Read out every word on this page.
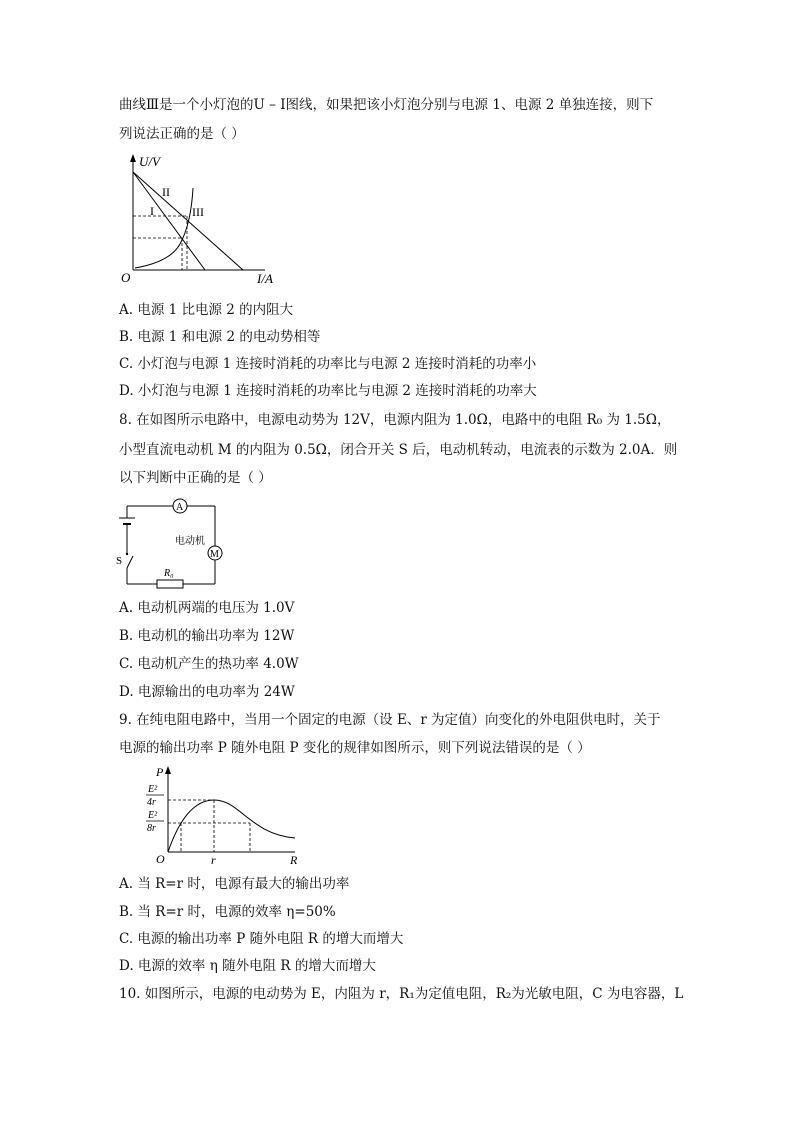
曲线Ⅲ是一个小灯泡的U – I图线，如果把该小灯泡分别与电源 1、电源 2 单独连接，则下
列说法正确的是（ ）
U/V
I/A
O
I
II
III
A. 电源 1 比电源 2 的内阻大
B. 电源 1 和电源 2 的电动势相等
C. 小灯泡与电源 1 连接时消耗的功率比与电源 2 连接时消耗的功率小
D. 小灯泡与电源 1 连接时消耗的功率比与电源 2 连接时消耗的功率大
8. 在如图所示电路中，电源电动势为 12V，电源内阻为 1.0Ω，电路中的电阻 R₀ 为 1.5Ω，
小型直流电动机 M 的内阻为 0.5Ω，闭合开关 S 后，电动机转动，电流表的示数为 2.0A．则
以下判断中正确的是（ ）
A
M
电动机
R₀
S
A. 电动机两端的电压为 1.0V
B. 电动机的输出功率为 12W
C. 电动机产生的热功率 4.0W
D. 电源输出的电功率为 24W
9. 在纯电阻电路中，当用一个固定的电源（设 E、r 为定值）向变化的外电阻供电时，关于
电源的输出功率 P 随外电阻 P 变化的规律如图所示，则下列说法错误的是（ ）
P
R
O	r
E²
4r
E²
8r
A. 当 R=r 时，电源有最大的输出功率
B. 当 R=r 时，电源的效率 η=50%
C. 电源的输出功率 P 随外电阻 R 的增大而增大
D. 电源的效率 η 随外电阻 R 的增大而增大
10. 如图所示，电源的电动势为 E，内阻为 r，R₁为定值电阻，R₂为光敏电阻，C 为电容器，L
